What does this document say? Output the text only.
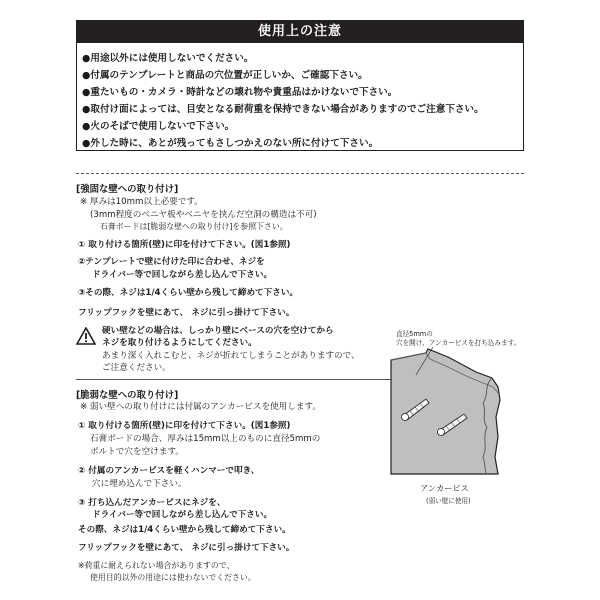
使用上の注意
●用途以外には使用しないでください。
●付属のテンプレートと商品の穴位置が正しいか、ご確認下さい。
●重たいもの・カメラ・時計などの壊れ物や貴重品はかけないで下さい。
●取付け面によっては、目安となる耐荷重を保持できない場合がありますのでご注意下さい。
●火のそばで使用しないで下さい。
●外した時に、あとが残ってもさしつかえのない所に付けて下さい。
[強固な壁への取り付け]
※ 厚みは10mm以上必要です。
(3mm程度のベニヤ板やベニヤを挟んだ空洞の構造は不可)
石膏ボードは[脆弱な壁への取り付け]を参照下さい。
① 取り付ける箇所(壁)に印を付けて下さい。(図1参照)
②テンプレートで壁に付けた印に合わせ、ネジを
ドライバー等で回しながら差し込んで下さい。
③その際、ネジは1/4くらい壁から残して締めて下さい。
フリップフックを壁にあて、 ネジに引っ掛けて下さい。
硬い壁などの場合は、しっかり壁にベースの穴を空けてから
ネジを取り付けるようにしてください。
あまり深く入れこむと、ネジが折れてしまうことがありますので、
ご注意ください。
[脆弱な壁への取り付け]
※ 弱い壁への取り付けには付属のアンカービスを使用します。
① 取り付ける箇所(壁)に印を付けて下さい。(図1参照)
石膏ボードの場合、厚みは15mm以上のものに直径5mmの
ボルトで穴を空けます。
② 付属のアンカービスを軽くハンマーで叩き、
穴に埋め込んで下さい。
③ 打ち込んだアンカービスにネジを、
ドライバー等で回しながら差し込んで下さい。
その際、ネジは1/4くらい壁から残して締めて下さい。
フリップフックを壁にあて、 ネジに引っ掛けて下さい。
※荷重に耐えられない場合がありますので、
使用目的以外の用途には使わないでください。
直径5mmの
穴を開け、アンカービスを打ち込みます。
アンカービス
(弱い壁に使用)
